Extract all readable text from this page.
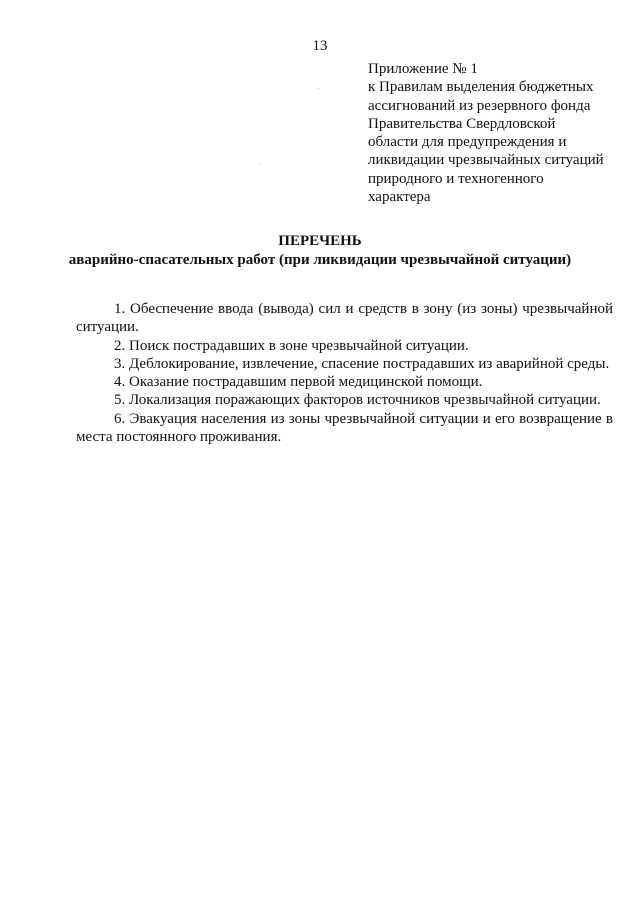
13
Приложение № 1
к Правилам выделения бюджетных
ассигнований из резервного фонда
Правительства Свердловской
области для предупреждения и
ликвидации чрезвычайных ситуаций
природного и техногенного
характера
ПЕРЕЧЕНЬ
аварийно-спасательных работ (при ликвидации чрезвычайной ситуации)

1. Обеспечение ввода (вывода) сил и средств в зону (из зоны) чрезвычайной ситуации.

2. Поиск пострадавших в зоне чрезвычайной ситуации.

3. Деблокирование, извлечение, спасение пострадавших из аварийной среды.

4. Оказание пострадавшим первой медицинской помощи.

5. Локализация поражающих факторов источников чрезвычайной ситуации.

6. Эвакуация населения из зоны чрезвычайной ситуации и его возвращение в места постоянного проживания.
